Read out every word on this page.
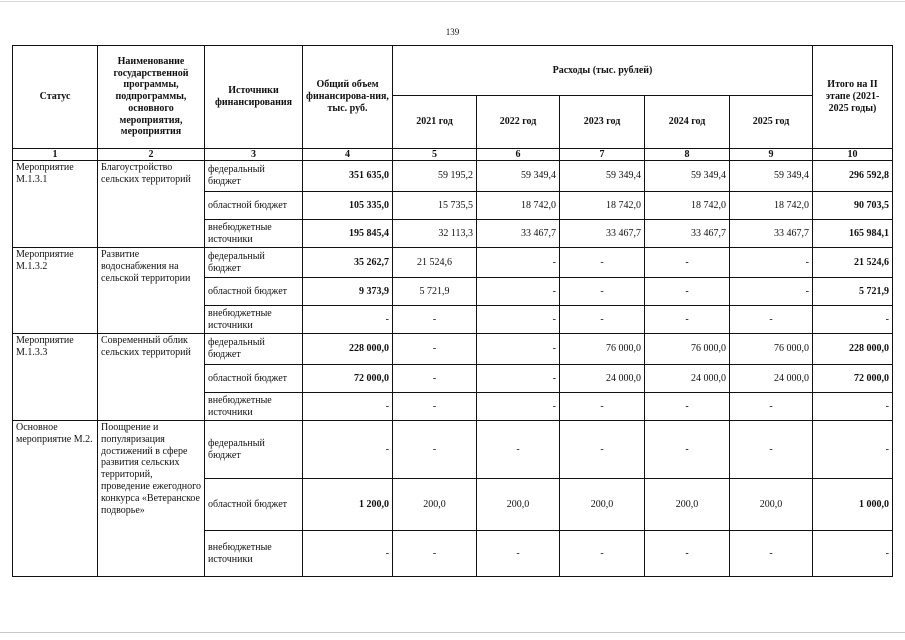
139
Статус	Наименование государственной программы, подпрограммы, основного мероприятия, мероприятия	Источники финансирования	Общий объем финансирова-ния, тыс. руб.	Расходы (тыс. рублей)					Итого на II этапе (2021-2025 годы)
				2021 год	2022 год	2023 год	2024 год	2025 год	
1	2	3	4	5	6	7	8	9	10
Мероприятие М.1.3.1	Благоустройство сельских территорий	федеральный бюджет	351 635,0	59 195,2	59 349,4	59 349,4	59 349,4	59 349,4	296 592,8
		областной бюджет	105 335,0	15 735,5	18 742,0	18 742,0	18 742,0	18 742,0	90 703,5
		внебюджетные источники	195 845,4	32 113,3	33 467,7	33 467,7	33 467,7	33 467,7	165 984,1
Мероприятие М.1.3.2	Развитие водоснабжения на сельской территории	федеральный бюджет	35 262,7	21 524,6	-	-	-	-	21 524,6
		областной бюджет	9 373,9	5 721,9	-	-	-	-	5 721,9
		внебюджетные источники	-	-	-	-	-	-	-
Мероприятие М.1.3.3	Современный облик сельских территорий	федеральный бюджет	228 000,0	-	-	76 000,0	76 000,0	76 000,0	228 000,0
		областной бюджет	72 000,0	-	-	24 000,0	24 000,0	24 000,0	72 000,0
		внебюджетные источники	-	-	-	-	-	-	-
Основное мероприятие М.2.	Поощрение и популяризация достижений в сфере развития сельских территорий, проведение ежегодного конкурса «Ветеранское подворье»	федеральный бюджет	-	-	-	-	-	-	-
		областной бюджет	1 200,0	200,0	200,0	200,0	200,0	200,0	1 000,0
		внебюджетные источники	-	-	-	-	-	-	-
